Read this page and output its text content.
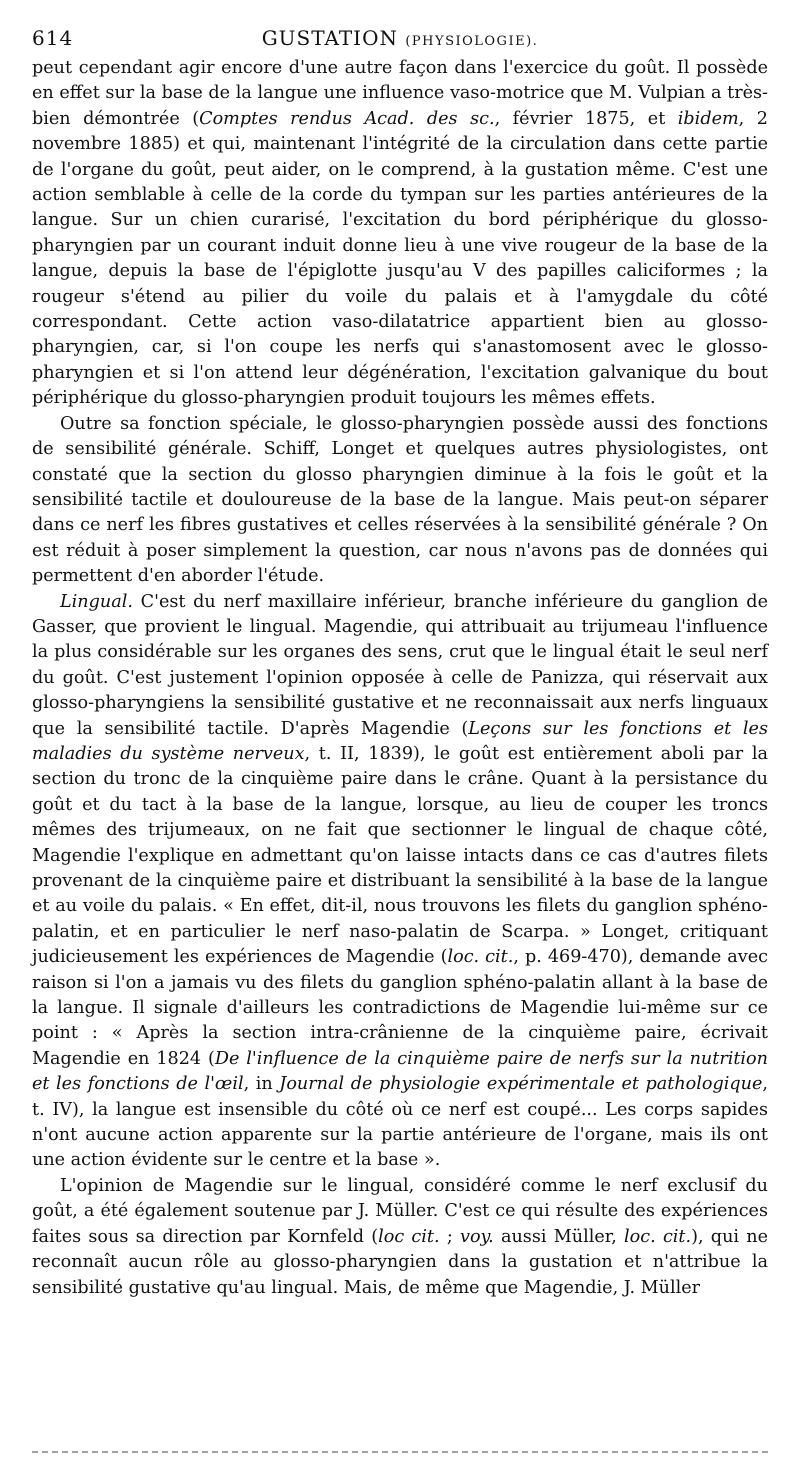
614	GUSTATION (PHYSIOLOGIE).

peut cependant agir encore d'une autre façon dans l'exercice du goût. Il possède en effet sur la base de la langue une influence vaso-motrice que M. Vulpian a très-bien démontrée (Comptes rendus Acad. des sc., février 1875, et ibidem, 2 novembre 1885) et qui, maintenant l'intégrité de la circulation dans cette partie de l'organe du goût, peut aider, on le comprend, à la gustation même. C'est une action semblable à celle de la corde du tympan sur les parties antérieures de la langue. Sur un chien curarisé, l'excitation du bord périphérique du glosso-pharyngien par un courant induit donne lieu à une vive rougeur de la base de la langue, depuis la base de l'épiglotte jusqu'au V des papilles caliciformes ; la rougeur s'étend au pilier du voile du palais et à l'amygdale du côté correspondant. Cette action vaso-dilatatrice appartient bien au glosso-pharyngien, car, si l'on coupe les nerfs qui s'anastomosent avec le glosso-pharyngien et si l'on attend leur dégénération, l'excitation galvanique du bout périphérique du glosso-pharyngien produit toujours les mêmes effets.

Outre sa fonction spéciale, le glosso-pharyngien possède aussi des fonctions de sensibilité générale. Schiff, Longet et quelques autres physiologistes, ont constaté que la section du glosso pharyngien diminue à la fois le goût et la sensibilité tactile et douloureuse de la base de la langue. Mais peut-on séparer dans ce nerf les fibres gustatives et celles réservées à la sensibilité générale ? On est réduit à poser simplement la question, car nous n'avons pas de données qui permettent d'en aborder l'étude.

Lingual. C'est du nerf maxillaire inférieur, branche inférieure du ganglion de Gasser, que provient le lingual. Magendie, qui attribuait au trijumeau l'influence la plus considérable sur les organes des sens, crut que le lingual était le seul nerf du goût. C'est justement l'opinion opposée à celle de Panizza, qui réservait aux glosso-pharyngiens la sensibilité gustative et ne reconnaissait aux nerfs linguaux que la sensibilité tactile. D'après Magendie (Leçons sur les fonctions et les maladies du système nerveux, t. II, 1839), le goût est entièrement aboli par la section du tronc de la cinquième paire dans le crâne. Quant à la persistance du goût et du tact à la base de la langue, lorsque, au lieu de couper les troncs mêmes des trijumeaux, on ne fait que sectionner le lingual de chaque côté, Magendie l'explique en admettant qu'on laisse intacts dans ce cas d'autres filets provenant de la cinquième paire et distribuant la sensibilité à la base de la langue et au voile du palais. « En effet, dit-il, nous trouvons les filets du ganglion sphéno-palatin, et en particulier le nerf naso-palatin de Scarpa. » Longet, critiquant judicieusement les expériences de Magendie (loc. cit., p. 469-470), demande avec raison si l'on a jamais vu des filets du ganglion sphéno-palatin allant à la base de la langue. Il signale d'ailleurs les contradictions de Magendie lui-même sur ce point : « Après la section intra-crânienne de la cinquième paire, écrivait Magendie en 1824 (De l'influence de la cinquième paire de nerfs sur la nutrition et les fonctions de l'œil, in Journal de physiologie expérimentale et pathologique, t. IV), la langue est insensible du côté où ce nerf est coupé... Les corps sapides n'ont aucune action apparente sur la partie antérieure de l'organe, mais ils ont une action évidente sur le centre et la base ».

L'opinion de Magendie sur le lingual, considéré comme le nerf exclusif du goût, a été également soutenue par J. Müller. C'est ce qui résulte des expériences faites sous sa direction par Kornfeld (loc cit. ; voy. aussi Müller, loc. cit.), qui ne reconnaît aucun rôle au glosso-pharyngien dans la gustation et n'attribue la sensibilité gustative qu'au lingual. Mais, de même que Magendie, J. Müller
